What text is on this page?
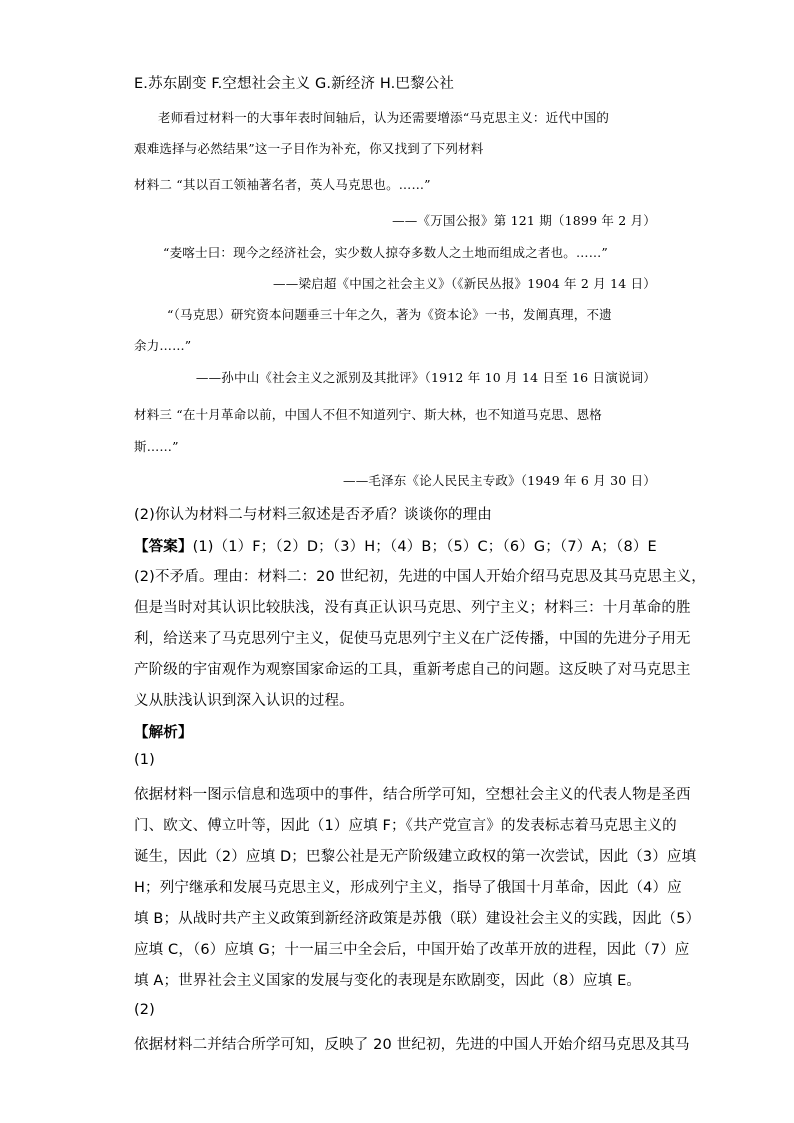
E.苏东剧变 F.空想社会主义 G.新经济 H.巴黎公社
老师看过材料一的大事年表时间轴后，认为还需要增添“马克思主义：近代中国的
艰难选择与必然结果”这一子目作为补充，你又找到了下列材料
材料二 “其以百工领袖著名者，英人马克思也。……”
——《万国公报》第 121 期（1899 年 2 月）
“麦喀士曰：现今之经济社会，实少数人掠夺多数人之土地而组成之者也。……”
——梁启超《中国之社会主义》（《新民丛报》1904 年 2 月 14 日）
“（马克思）研究资本问题垂三十年之久，著为《资本论》一书，发阐真理，不遗
余力……”
——孙中山《社会主义之派别及其批评》（1912 年 10 月 14 日至 16 日演说词）
材料三 “在十月革命以前，中国人不但不知道列宁、斯大林，也不知道马克思、恩格
斯……”
——毛泽东《论人民民主专政》（1949 年 6 月 30 日）
(2)你认为材料二与材料三叙述是否矛盾？谈谈你的理由
【答案】(1)（1）F；（2）D；（3）H；（4）B；（5）C；（6）G；（7）A；（8）E
(2)不矛盾。理由：材料二：20 世纪初，先进的中国人开始介绍马克思及其马克思主义，
但是当时对其认识比较肤浅，没有真正认识马克思、列宁主义；材料三：十月革命的胜
利，给送来了马克思列宁主义，促使马克思列宁主义在广泛传播，中国的先进分子用无
产阶级的宇宙观作为观察国家命运的工具，重新考虑自己的问题。这反映了对马克思主
义从肤浅认识到深入认识的过程。
【解析】
(1)
依据材料一图示信息和选项中的事件，结合所学可知，空想社会主义的代表人物是圣西
门、欧文、傅立叶等，因此（1）应填 F；《共产党宣言》的发表标志着马克思主义的
诞生，因此（2）应填 D；巴黎公社是无产阶级建立政权的第一次尝试，因此（3）应填
H；列宁继承和发展马克思主义，形成列宁主义，指导了俄国十月革命，因此（4）应
填 B；从战时共产主义政策到新经济政策是苏俄（联）建设社会主义的实践，因此（5）
应填 C，（6）应填 G；十一届三中全会后，中国开始了改革开放的进程，因此（7）应
填 A；世界社会主义国家的发展与变化的表现是东欧剧变，因此（8）应填 E。
(2)
依据材料二并结合所学可知，反映了 20 世纪初，先进的中国人开始介绍马克思及其马
